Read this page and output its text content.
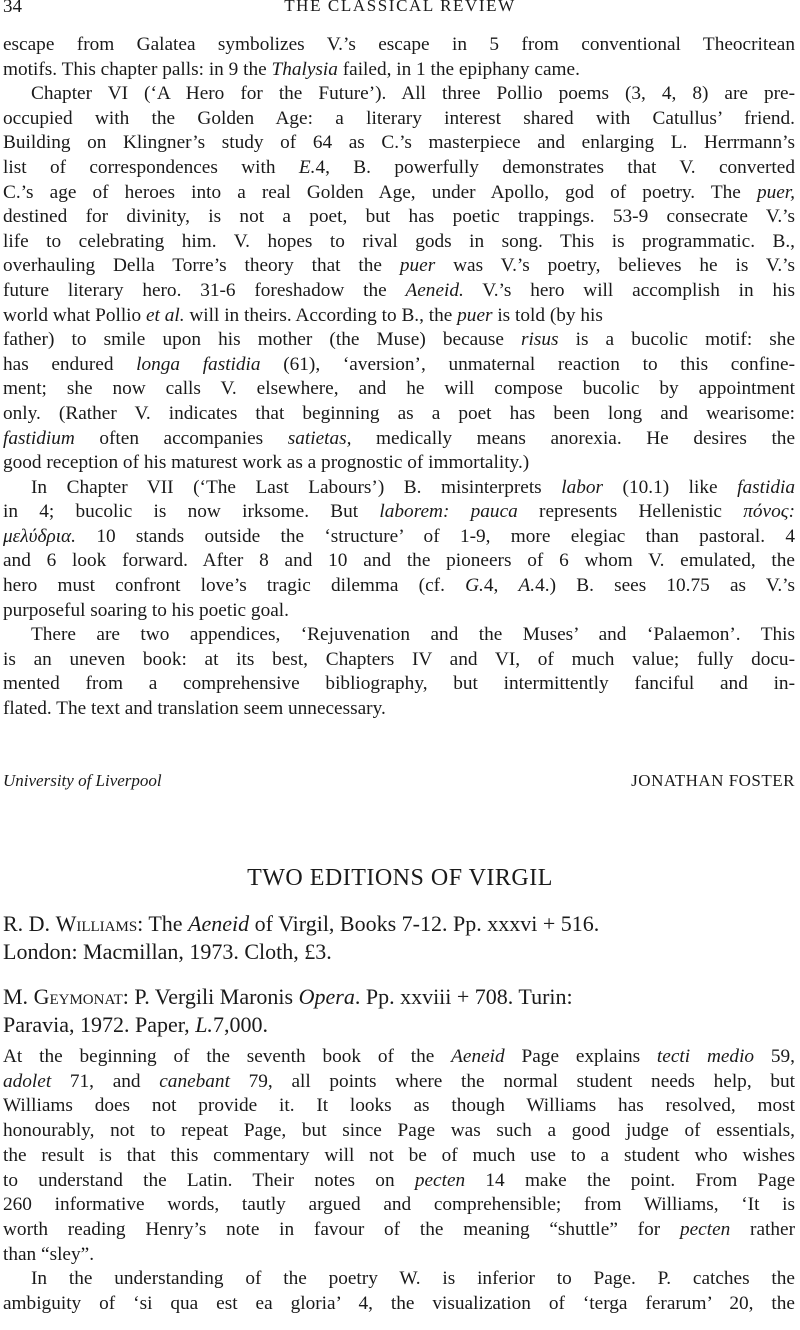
34	THE CLASSICAL REVIEW

escape from Galatea symbolizes V.’s escape in 5 from conventional Theocritean
motifs. This chapter palls: in 9 the Thalysia failed, in 1 the epiphany came.

Chapter VI (‘A Hero for the Future’). All three Pollio poems (3, 4, 8) are pre-
occupied with the Golden Age: a literary interest shared with Catullus’ friend.
Building on Klingner’s study of 64 as C.’s masterpiece and enlarging L. Herrmann’s
list of correspondences with E.4, B. powerfully demonstrates that V. converted
C.’s age of heroes into a real Golden Age, under Apollo, god of poetry. The puer,
destined for divinity, is not a poet, but has poetic trappings. 53-9 consecrate V.’s
life to celebrating him. V. hopes to rival gods in song. This is programmatic. B.,
overhauling Della Torre’s theory that the puer was V.’s poetry, believes he is V.’s
future literary hero. 31-6 foreshadow the Aeneid. V.’s hero will accomplish in his
world what Pollio et al. will in theirs. According to B., the puer is told (by his
father) to smile upon his mother (the Muse) because risus is a bucolic motif: she
has endured longa fastidia (61), ‘aversion’, unmaternal reaction to this confine-
ment; she now calls V. elsewhere, and he will compose bucolic by appointment
only. (Rather V. indicates that beginning as a poet has been long and wearisome:
fastidium often accompanies satietas, medically means anorexia. He desires the
good reception of his maturest work as a prognostic of immortality.)

In Chapter VII (‘The Last Labours’) B. misinterprets labor (10.1) like fastidia
in 4; bucolic is now irksome. But laborem: pauca represents Hellenistic πόνος:
μελύδρια. 10 stands outside the ‘structure’ of 1-9, more elegiac than pastoral. 4
and 6 look forward. After 8 and 10 and the pioneers of 6 whom V. emulated, the
hero must confront love’s tragic dilemma (cf. G.4, A.4.) B. sees 10.75 as V.’s
purposeful soaring to his poetic goal.

There are two appendices, ‘Rejuvenation and the Muses’ and ‘Palaemon’. This
is an uneven book: at its best, Chapters IV and VI, of much value; fully docu-
mented from a comprehensive bibliography, but intermittently fanciful and in-
flated. The text and translation seem unnecessary.

University of Liverpool	JONATHAN FOSTER
TWO EDITIONS OF VIRGIL
R. D. Williams: The Aeneid of Virgil, Books 7-12. Pp. xxxvi + 516.
London: Macmillan, 1973. Cloth, £3.
M. Geymonat: P. Vergili Maronis Opera. Pp. xxviii + 708. Turin:
Paravia, 1972. Paper, L.7,000.

At the beginning of the seventh book of the Aeneid Page explains tecti medio 59,
adolet 71, and canebant 79, all points where the normal student needs help, but
Williams does not provide it. It looks as though Williams has resolved, most
honourably, not to repeat Page, but since Page was such a good judge of essentials,
the result is that this commentary will not be of much use to a student who wishes
to understand the Latin. Their notes on pecten 14 make the point. From Page
260 informative words, tautly argued and comprehensible; from Williams, ‘It is
worth reading Henry’s note in favour of the meaning “shuttle” for pecten rather
than “sley”.

In the understanding of the poetry W. is inferior to Page. P. catches the
ambiguity of ‘si qua est ea gloria’ 4, the visualization of ‘terga ferarum’ 20, the
